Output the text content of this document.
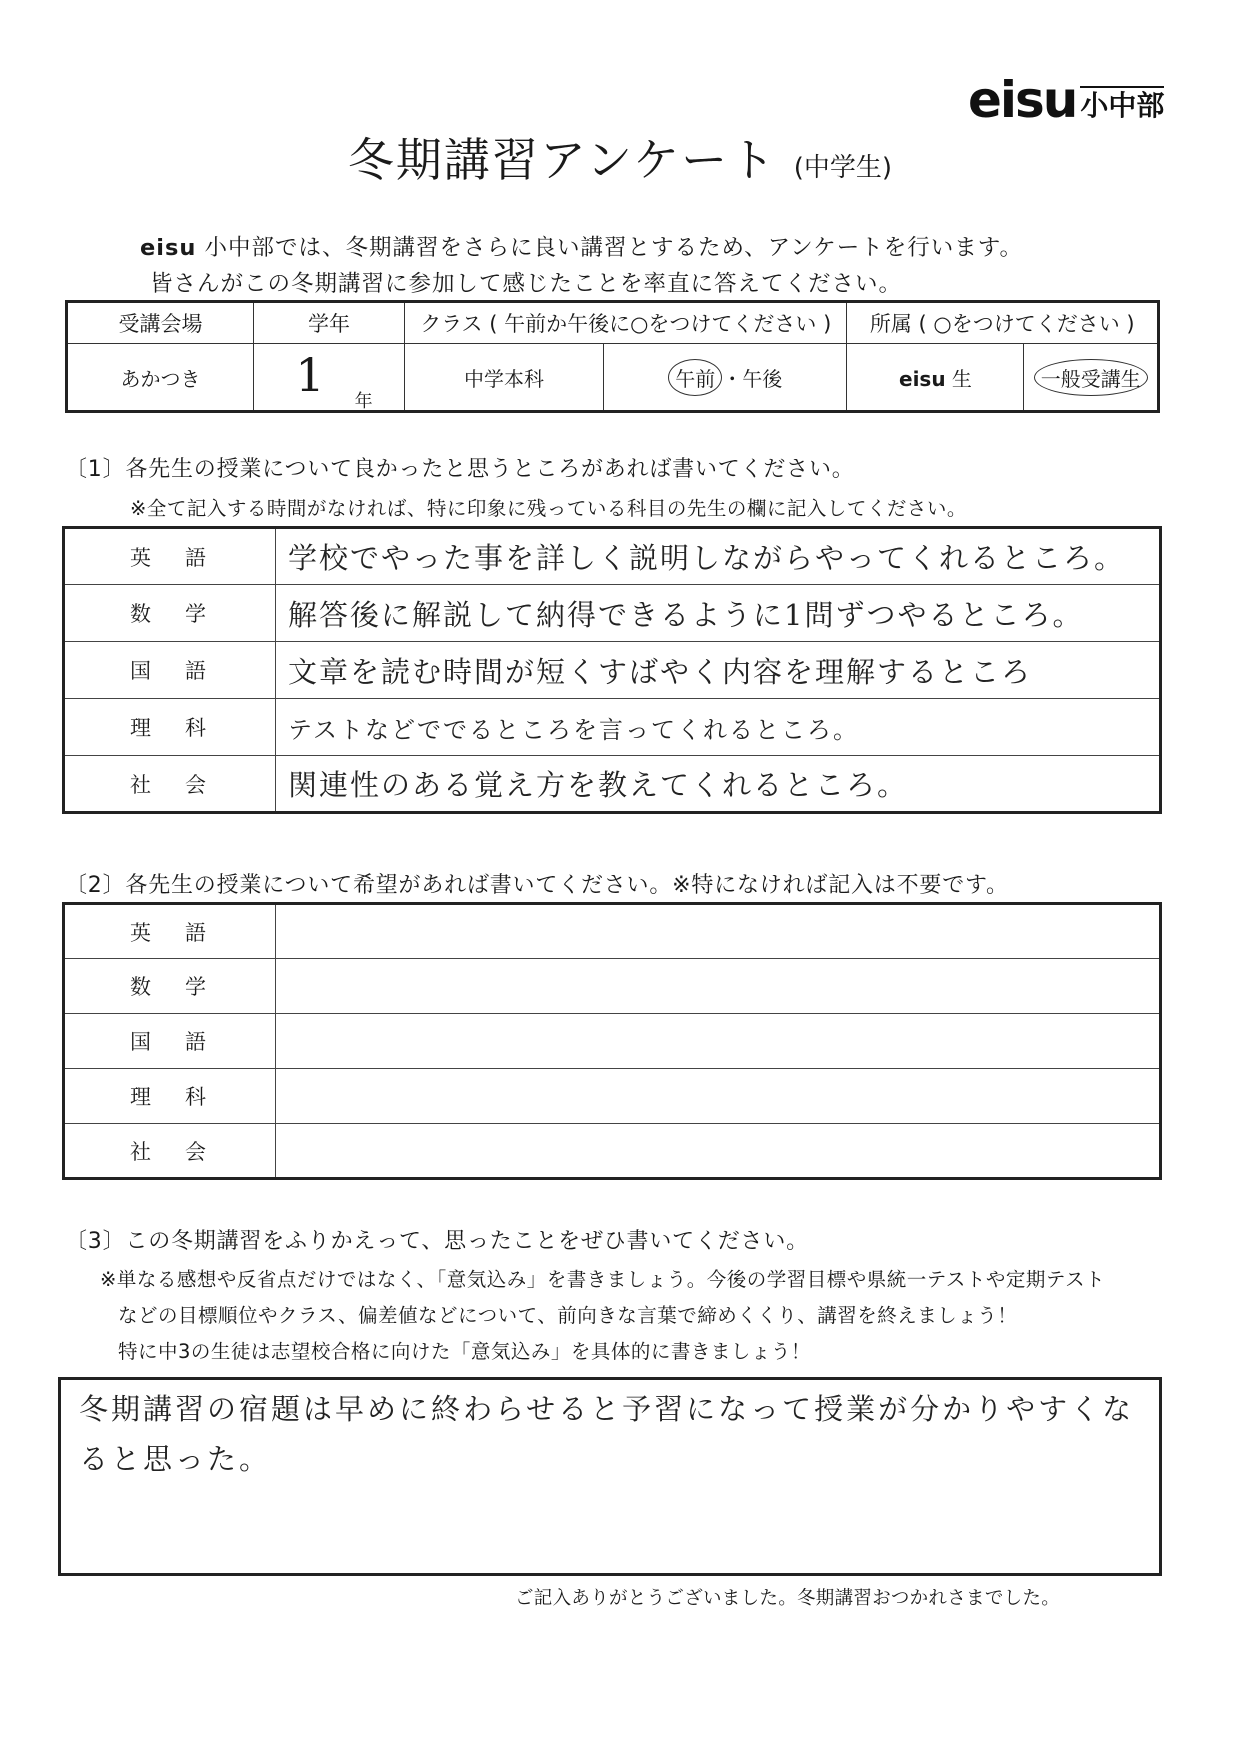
eisu 小中部
冬期講習アンケート (中学生)
eisu 小中部では、冬期講習をさらに良い講習とするため、アンケートを行います。
皆さんがこの冬期講習に参加して感じたことを率直に答えてください。
受講会場	学年	クラス ( 午前か午後に○をつけてください )		所属 ( ○をつけてください )	
あかつき	1 年	中学本科	午前 ・午後	eisu 生	一般受講生
〔1〕各先生の授業について良かったと思うところがあれば書いてください。
※全て記入する時間がなければ、特に印象に残っている科目の先生の欄に記入してください。
英語	学校でやった事を詳しく説明しながらやってくれるところ。
数学	解答後に解説して納得できるように1問ずつやるところ。
国語	文章を読む時間が短くすばやく内容を理解するところ
理科	テストなどででるところを言ってくれるところ。
社会	関連性のある覚え方を教えてくれるところ。
〔2〕各先生の授業について希望があれば書いてください。※特になければ記入は不要です。
英語	
数学	
国語	
理科	
社会	
〔3〕この冬期講習をふりかえって、思ったことをぜひ書いてください。
※単なる感想や反省点だけではなく、「意気込み」を書きましょう。今後の学習目標や県統一テストや定期テスト
などの目標順位やクラス、偏差値などについて、前向きな言葉で締めくくり、講習を終えましょう！
特に中3の生徒は志望校合格に向けた「意気込み」を具体的に書きましょう！
冬期講習の宿題は早めに終わらせると予習になって授業が分かりやすくなると思った。
ご記入ありがとうございました。冬期講習おつかれさまでした。
